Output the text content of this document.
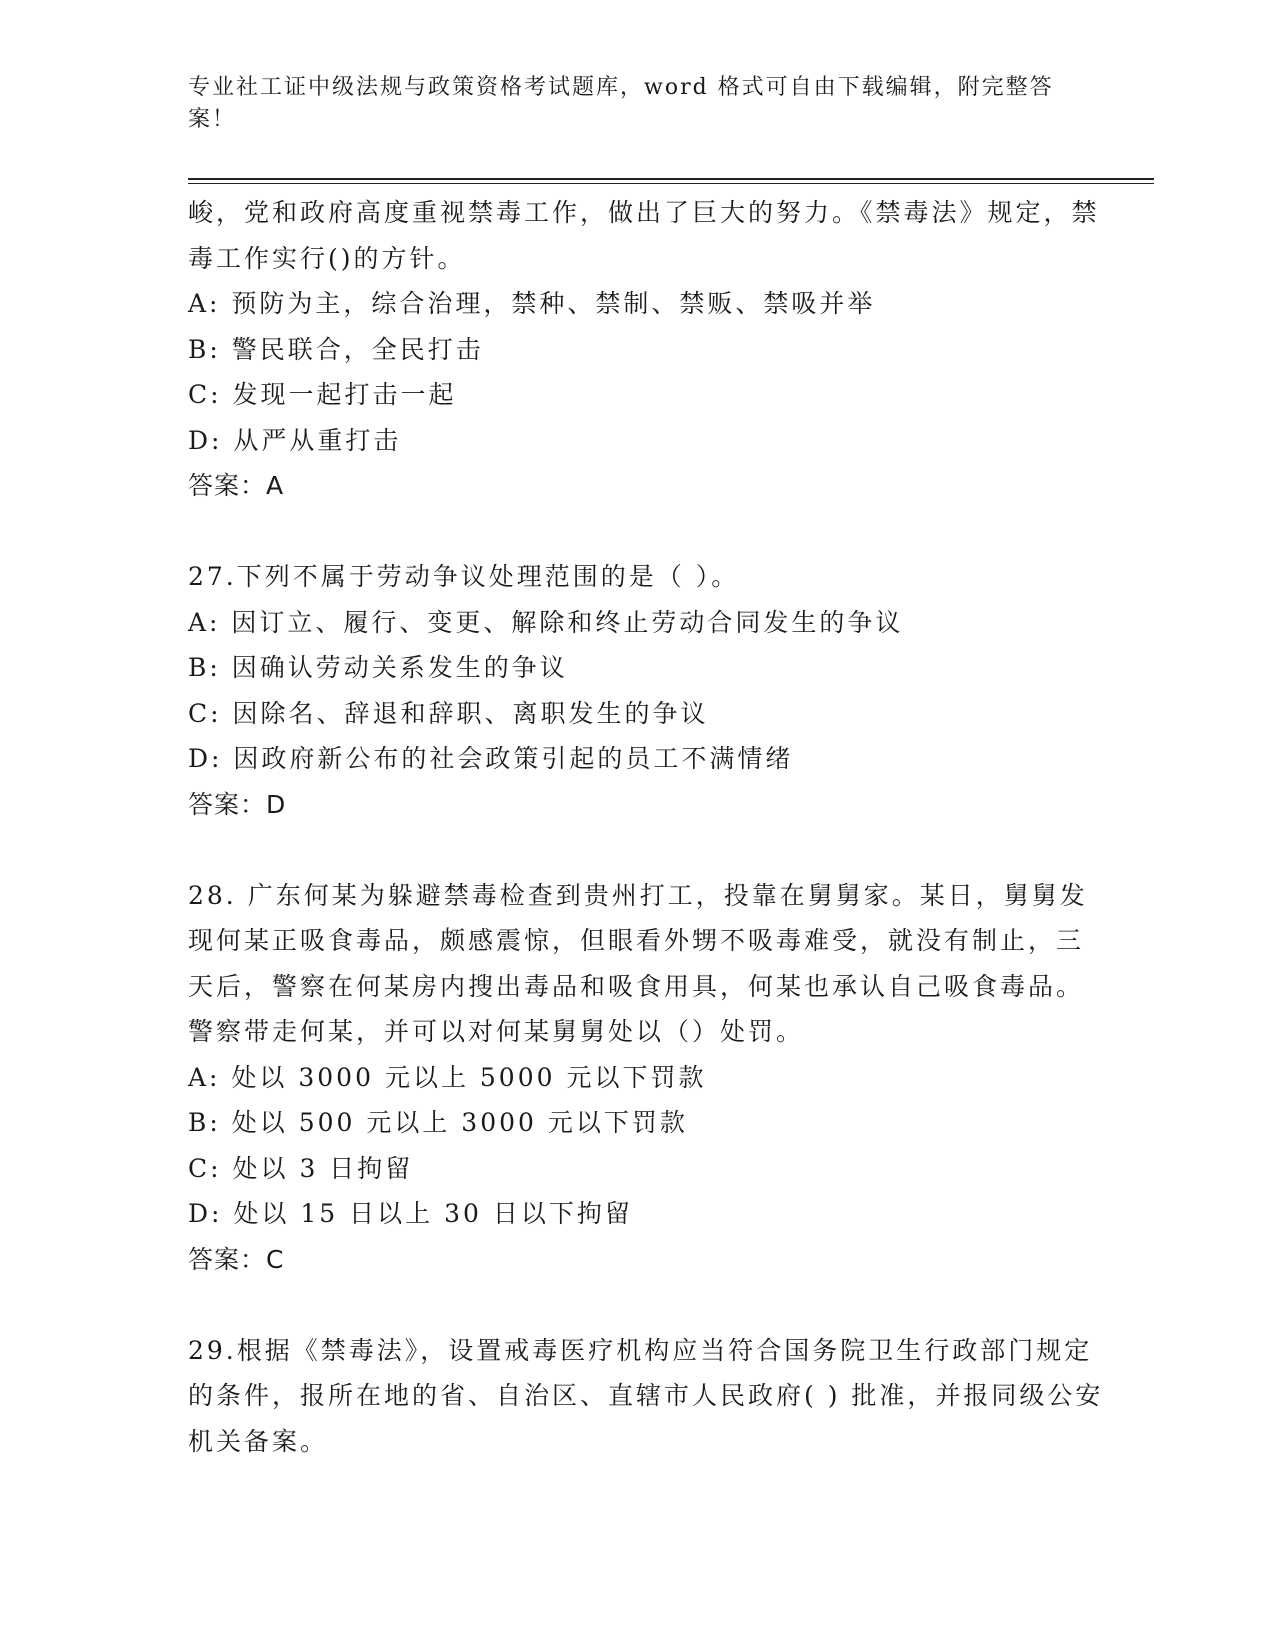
专业社工证中级法规与政策资格考试题库，word 格式可自由下载编辑，附完整答案！
峻，党和政府高度重视禁毒工作，做出了巨大的努力。《禁毒法》规定，禁毒工作实行()的方针。
A: 预防为主，综合治理，禁种、禁制、禁贩、禁吸并举
B: 警民联合，全民打击
C: 发现一起打击一起
D: 从严从重打击
答案：A
27.下列不属于劳动争议处理范围的是（ ）。
A: 因订立、履行、变更、解除和终止劳动合同发生的争议
B: 因确认劳动关系发生的争议
C: 因除名、辞退和辞职、离职发生的争议
D: 因政府新公布的社会政策引起的员工不满情绪
答案：D
28. 广东何某为躲避禁毒检查到贵州打工，投靠在舅舅家。某日，舅舅发现何某正吸食毒品，颇感震惊，但眼看外甥不吸毒难受，就没有制止，三天后，警察在何某房内搜出毒品和吸食用具，何某也承认自己吸食毒品。警察带走何某，并可以对何某舅舅处以（）处罚。
A: 处以 3000 元以上 5000 元以下罚款
B: 处以 500 元以上 3000 元以下罚款
C: 处以 3 日拘留
D: 处以 15 日以上 30 日以下拘留
答案：C
29.根据《禁毒法》，设置戒毒医疗机构应当符合国务院卫生行政部门规定的条件，报所在地的省、自治区、直辖市人民政府( ) 批准，并报同级公安机关备案。
